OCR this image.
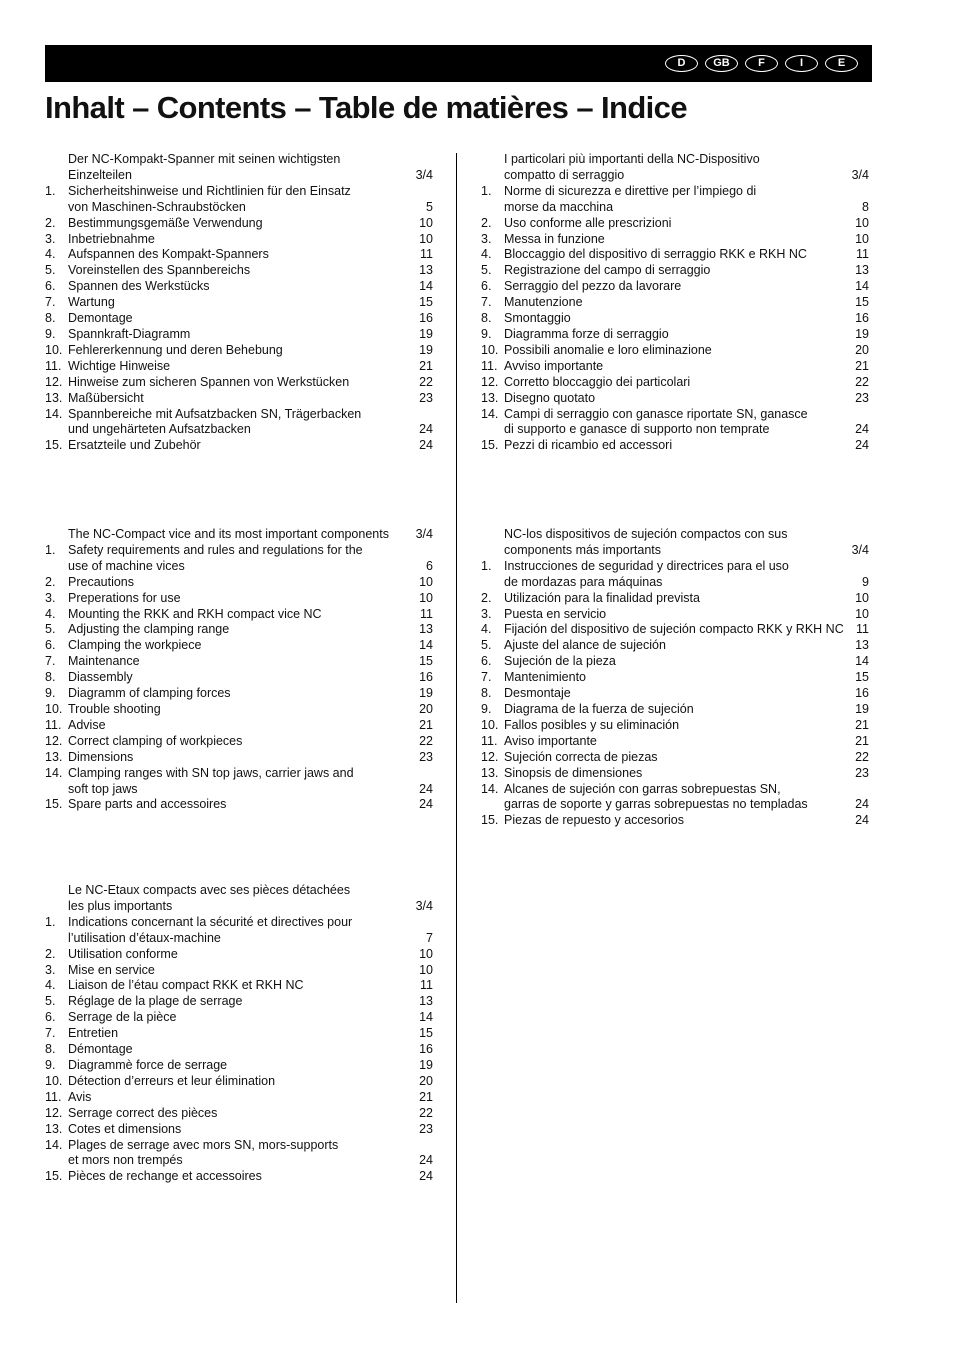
D	GB	F	I	E
Inhalt – Contents – Table de matières – Indice
Der NC-Kompakt-Spanner mit seinen wichtigsten
Einzelteilen	3/4
1.	Sicherheitshinweise und Richtlinien für den Einsatz
von Maschinen-Schraubstöcken	5
2.	Bestimmungsgemäße Verwendung	10
3.	Inbetriebnahme	10
4.	Aufspannen des Kompakt-Spanners	11
5.	Voreinstellen des Spannbereichs	13
6.	Spannen des Werkstücks	14
7.	Wartung	15
8.	Demontage	16
9.	Spannkraft-Diagramm	19
10. Fehlererkennung und deren Behebung	19
11. Wichtige Hinweise	21
12. Hinweise zum sicheren Spannen von Werkstücken	22
13. Maßübersicht	23
14. Spannbereiche mit Aufsatzbacken SN, Trägerbacken
und ungehärteten Aufsatzbacken	24
15. Ersatzteile und Zubehör	24
The NC-Compact vice and its most important components	3/4
1.	Safety requirements and rules and regulations for the
use of machine vices	6
2.	Precautions	10
3.	Preperations for use	10
4.	Mounting the RKK and RKH compact vice NC	11
5.	Adjusting the clamping range	13
6.	Clamping the workpiece	14
7.	Maintenance	15
8.	Diassembly	16
9.	Diagramm of clamping forces	19
10. Trouble shooting	20
11. Advise	21
12. Correct clamping of workpieces	22
13. Dimensions	23
14. Clamping ranges with SN top jaws, carrier jaws and
soft top jaws	24
15. Spare parts and accessoires	24
Le NC-Etaux compacts avec ses pièces détachées
les plus importants	3/4
1.	Indications concernant la sécurité et directives pour
l’utilisation d’étaux-machine	7
2.	Utilisation conforme	10
3.	Mise en service	10
4.	Liaison de l’étau compact RKK et RKH NC	11
5.	Réglage de la plage de serrage	13
6.	Serrage de la pièce	14
7.	Entretien	15
8.	Démontage	16
9.	Diagrammè force de serrage	19
10. Détection d’erreurs et leur élimination	20
11. Avis	21
12. Serrage correct des pièces	22
13. Cotes et dimensions	23
14. Plages de serrage avec mors SN, mors-supports
et mors non trempés	24
15. Pièces de rechange et accessoires	24
I particolari più importanti della NC-Dispositivo
compatto di serraggio	3/4
1.	Norme di sicurezza e direttive per l’impiego di
morse da macchina	8
2.	Uso conforme alle prescrizioni	10
3.	Messa in funzione	10
4.	Bloccaggio del dispositivo di serraggio RKK e RKH NC	11
5.	Registrazione del campo di serraggio	13
6.	Serraggio del pezzo da lavorare	14
7.	Manutenzione	15
8.	Smontaggio	16
9.	Diagramma forze di serraggio	19
10. Possibili anomalie e loro eliminazione	20
11. Avviso importante	21
12. Corretto bloccaggio dei particolari	22
13. Disegno quotato	23
14. Campi di serraggio con ganasce riportate SN, ganasce
di supporto e ganasce di supporto non temprate	24
15. Pezzi di ricambio ed accessori	24
NC-los dispositivos de sujeción compactos con sus
components más importants	3/4
1.	Instrucciones de seguridad y directrices para el uso
de mordazas para máquinas	9
2.	Utilización para la finalidad prevista	10
3.	Puesta en servicio	10
4.	Fijación del dispositivo de sujeción compacto RKK y RKH NC 11
5.	Ajuste del alance de sujeción	13
6.	Sujeción de la pieza	14
7.	Mantenimiento	15
8.	Desmontaje	16
9.	Diagrama de la fuerza de sujeción	19
10. Fallos posibles y su eliminación	21
11. Aviso importante	21
12. Sujeción correcta de piezas	22
13. Sinopsis de dimensiones	23
14. Alcanes de sujeción con garras sobrepuestas SN,
garras de soporte y garras sobrepuestas no templadas	24
15. Piezas de repuesto y accesorios	24
